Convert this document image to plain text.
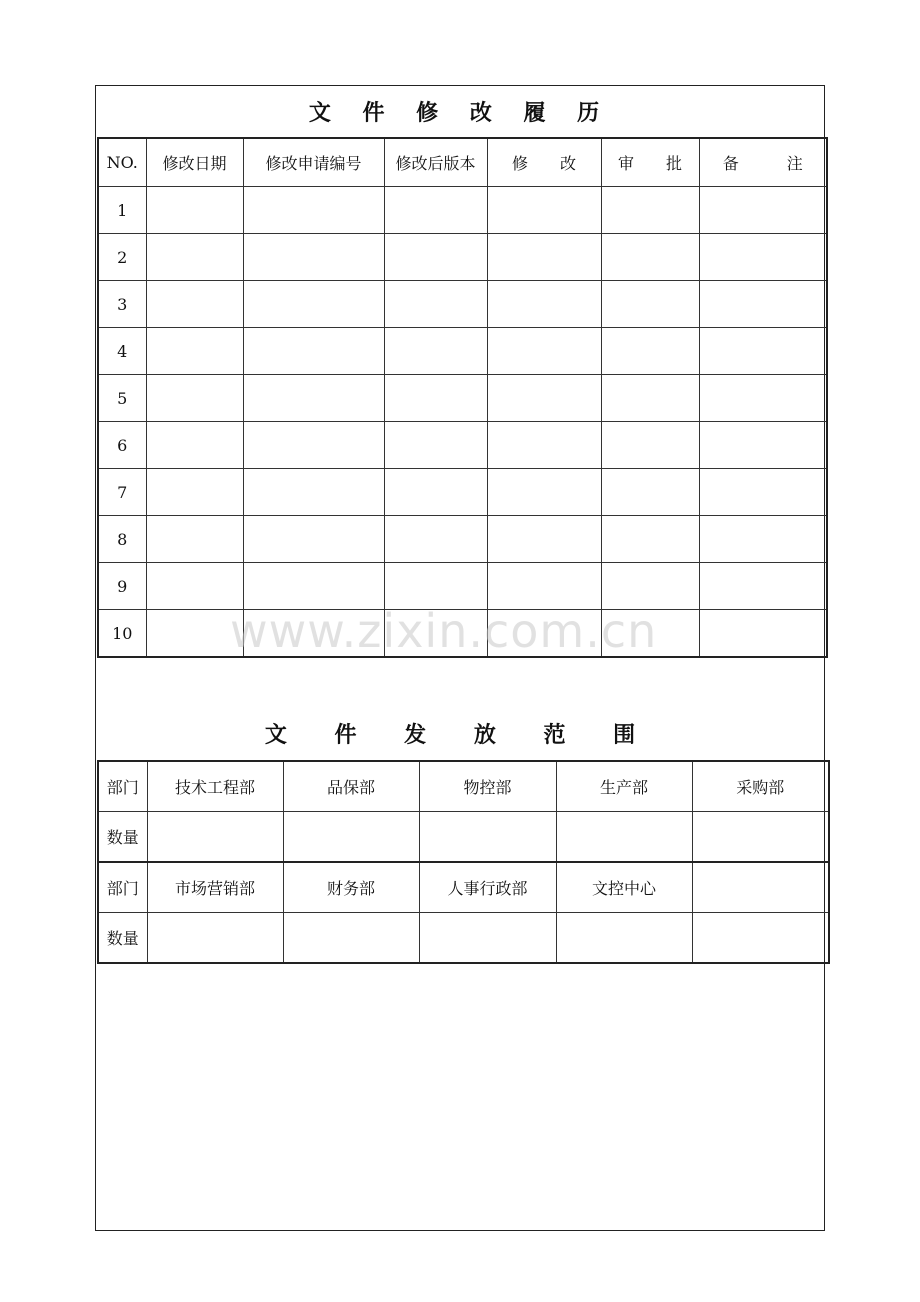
文 件 修 改 履 历
NO.	修改日期	修改申请编号	修改后版本	修　　改	审　　批	备　　　注
1						
2						
3						
4						
5						
6						
7						
8						
9						
10						www.zixin.com.cn
文 件 发 放 范 围
部门	技术工程部	品保部	物控部	生产部	采购部
数量					
部门	市场营销部	财务部	人事行政部	文控中心	
数量					
